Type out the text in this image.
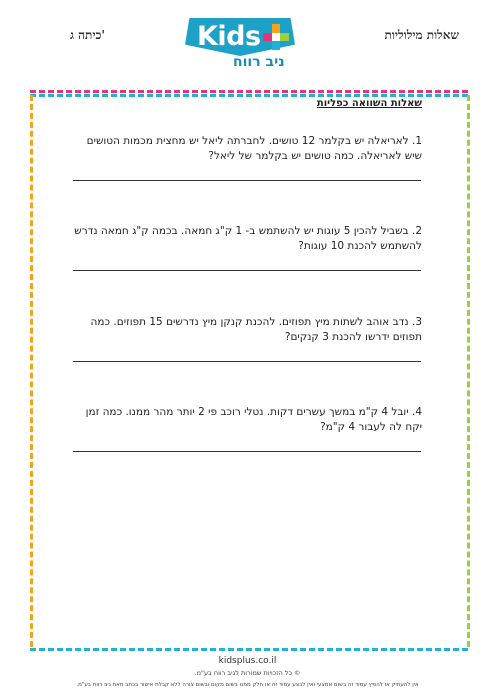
כיתה ג'	שאלות מילוליות
Kids
ניב רווח
שאלות השוואה כפליות
1. לאריאלה יש בקלמר 12 טושים. לחברתה ליאל יש מחצית מכמות הטושים שיש לאריאלה. כמה טושים יש בקלמר של ליאל?
2. בשביל להכין 5 עוגות יש להשתמש ב- 1 ק"ג חמאה. בכמה ק"ג חמאה נדרש להשתמש להכנת 10 עוגות?
3. נדב אוהב לשתות מיץ תפוזים. להכנת קנקן מיץ נדרשים 15 תפוזים. כמה תפוזים ידרשו להכנת 3 קנקים?
4. יובל 4 ק"מ במשך עשרים דקות. נטלי רוכב פי 2 יותר מהר ממנו. כמה זמן יקח לה לעבור 4 ק"מ?
kidsplus.co.il
© כל הזכויות שמורות לניב רווח בע"מ.
אין להעתיק או להפיץ עמוד זה בשום אמצעי ואין לבצע עמוד זה או חלק ממנו בשום מקום ובשום צורה ללא קבלת אישור בכתב מאת ניב רווח בע"מ.
